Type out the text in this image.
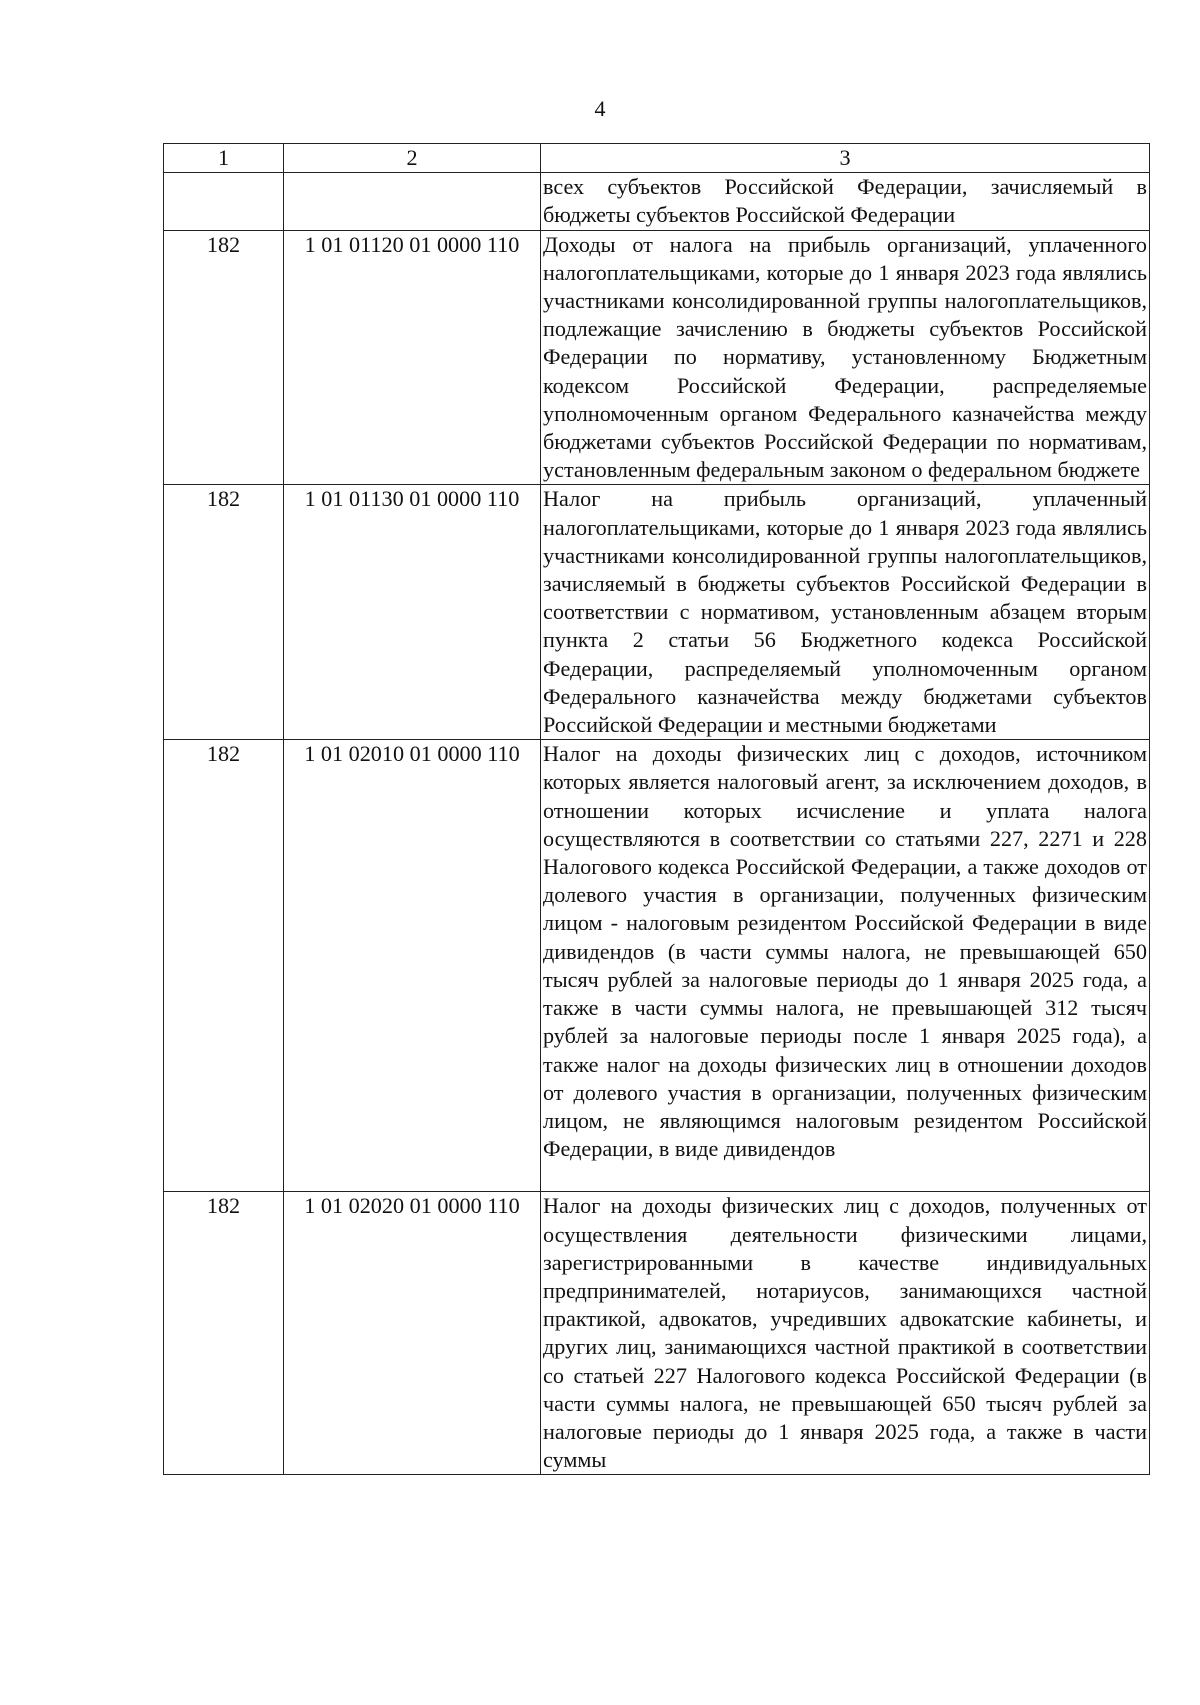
4
1	2	3

		всех субъектов Российской Федерации, зачисляемый в бюджеты субъектов Российской Федерации

182	1 01 01120 01 0000 110	Доходы от налога на прибыль организаций, уплаченного налогоплательщиками, которые до 1 января 2023 года являлись участниками консолидированной группы налогоплательщиков, подлежащие зачислению в бюджеты субъектов Российской Федерации по нормативу, установленному Бюджетным кодексом Российской Федерации, распределяемые уполномоченным органом Федерального казначейства между бюджетами субъектов Российской Федерации по нормативам, установленным федеральным законом о федеральном бюджете

182	1 01 01130 01 0000 110	Налог на прибыль организаций, уплаченный налогоплательщиками, которые до 1 января 2023 года являлись участниками консолидированной группы налогоплательщиков, зачисляемый в бюджеты субъектов Российской Федерации в соответствии с нормативом, установленным абзацем вторым пункта 2 статьи 56 Бюджетного кодекса Российской Федерации, распределяемый уполномоченным органом Федерального казначейства между бюджетами субъектов Российской Федерации и местными бюджетами

182	1 01 02010 01 0000 110	Налог на доходы физических лиц с доходов, источником которых является налоговый агент, за исключением доходов, в отношении которых исчисление и уплата налога осуществляются в соответствии со статьями 227, 2271 и 228 Налогового кодекса Российской Федерации, а также доходов от долевого участия в организации, полученных физическим лицом - налоговым резидентом Российской Федерации в виде дивидендов (в части суммы налога, не превышающей 650 тысяч рублей за налоговые периоды до 1 января 2025 года, а также в части суммы налога, не превышающей 312 тысяч рублей за налоговые периоды после 1 января 2025 года), а также налог на доходы физических лиц в отношении доходов от долевого участия в организации, полученных физическим лицом, не являющимся налоговым резидентом Российской Федерации, в виде дивидендов

182	1 01 02020 01 0000 110	Налог на доходы физических лиц с доходов, полученных от осуществления деятельности физическими лицами, зарегистрированными в качестве индивидуальных предпринимателей, нотариусов, занимающихся частной практикой, адвокатов, учредивших адвокатские кабинеты, и других лиц, занимающихся частной практикой в соответствии со статьей 227 Налогового кодекса Российской Федерации (в части суммы налога, не превышающей 650 тысяч рублей за налоговые периоды до 1 января 2025 года, а также в части суммы
